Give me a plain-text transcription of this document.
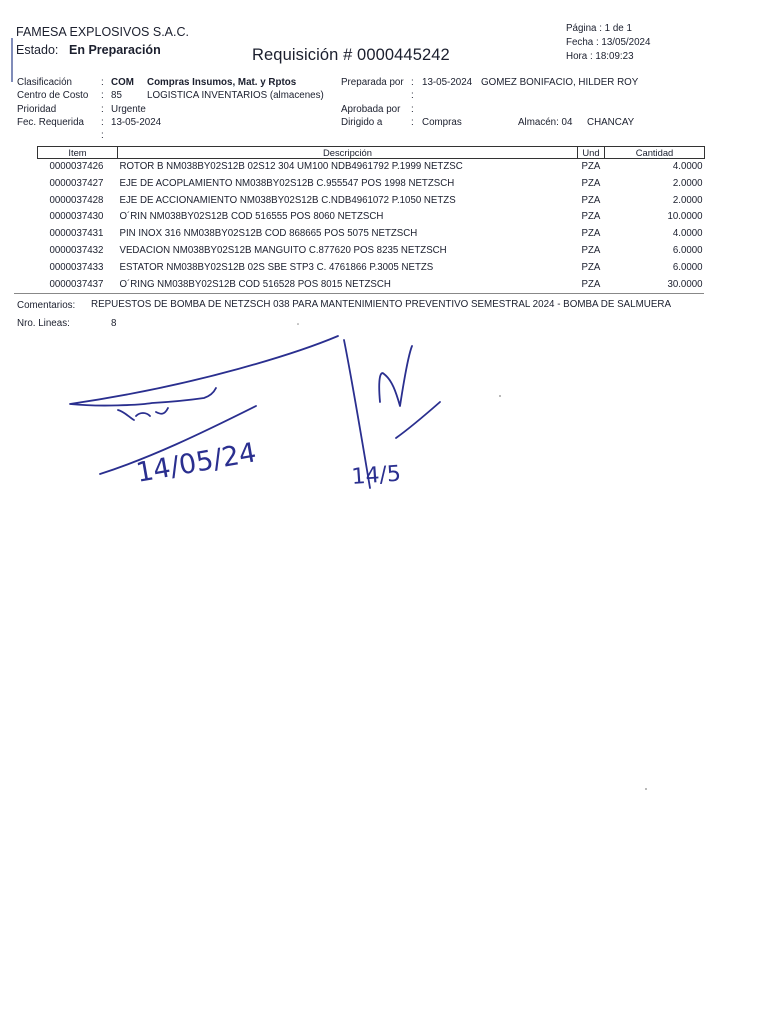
FAMESA EXPLOSIVOS S.A.C.
Estado: En Preparación	Requisición # 0000445242
Página : 1 de 1
Fecha : 13/05/2024
Hora : 18:09:23
Clasificación	: COM Compras Insumos, Mat. y Rptos
Centro de Costo : 85	LOGISTICA INVENTARIOS (almacenes)
Prioridad	: Urgente
Fec. Requerida : 13-05-2024
:
Preparada por : 13-05-2024 GOMEZ BONIFACIO, HILDER ROY
:
Aprobada por :
Dirigido a	: Compras	Almacén: 04 CHANCAY
Item	Descripción	Und	Cantidad
0000037426	ROTOR B NM038BY02S12B 02S12 304 UM100 NDB4961792 P.1999 NETZSC	PZA	4.0000
0000037427	EJE DE ACOPLAMIENTO NM038BY02S12B C.955547 POS 1998 NETZSCH	PZA	2.0000
0000037428	EJE DE ACCIONAMIENTO NM038BY02S12B C.NDB4961072 P.1050 NETZS	PZA	2.0000
0000037430	O´RIN NM038BY02S12B COD 516555 POS 8060 NETZSCH	PZA	10.0000
0000037431	PIN INOX 316 NM038BY02S12B COD 868665 POS 5075 NETZSCH	PZA	4.0000
0000037432	VEDACION NM038BY02S12B MANGUITO C.877620 POS 8235 NETZSCH	PZA	6.0000
0000037433	ESTATOR NM038BY02S12B 02S SBE STP3 C. 4761866 P.3005 NETZS	PZA	6.0000
0000037437	O´RING NM038BY02S12B COD 516528 POS 8015 NETZSCH	PZA	30.0000
Comentarios: REPUESTOS DE BOMBA DE NETZSCH 038 PARA MANTENIMIENTO PREVENTIVO SEMESTRAL 2024 - BOMBA DE SALMUERA
Nro. Lineas:	8
14/05/24	14/5
